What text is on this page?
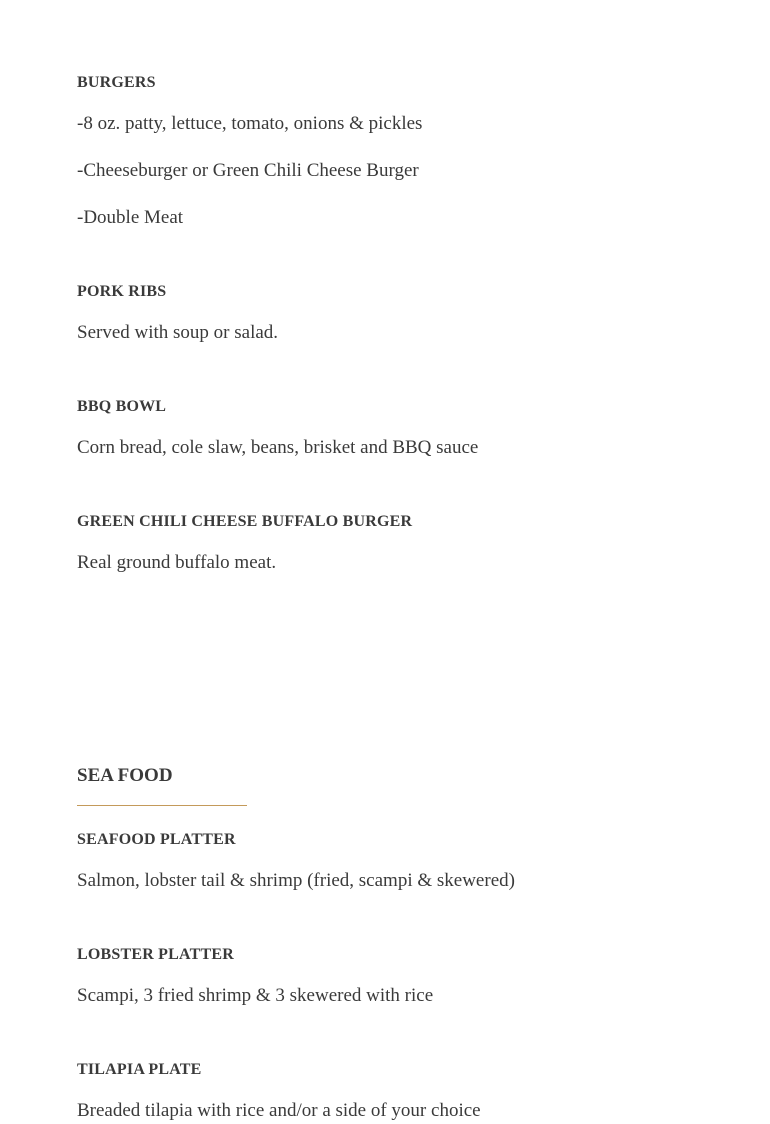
BURGERS

-8 oz. patty, lettuce, tomato, onions & pickles

-Cheeseburger or Green Chili Cheese Burger

-Double Meat

PORK RIBS

Served with soup or salad.

BBQ BOWL

Corn bread, cole slaw, beans, brisket and BBQ sauce

GREEN CHILI CHEESE BUFFALO BURGER

Real ground buffalo meat.

SEA FOOD
SEAFOOD PLATTER

Salmon, lobster tail & shrimp (fried, scampi & skewered)

LOBSTER PLATTER

Scampi, 3 fried shrimp & 3 skewered with rice

TILAPIA PLATE

Breaded tilapia with rice and/or a side of your choice
